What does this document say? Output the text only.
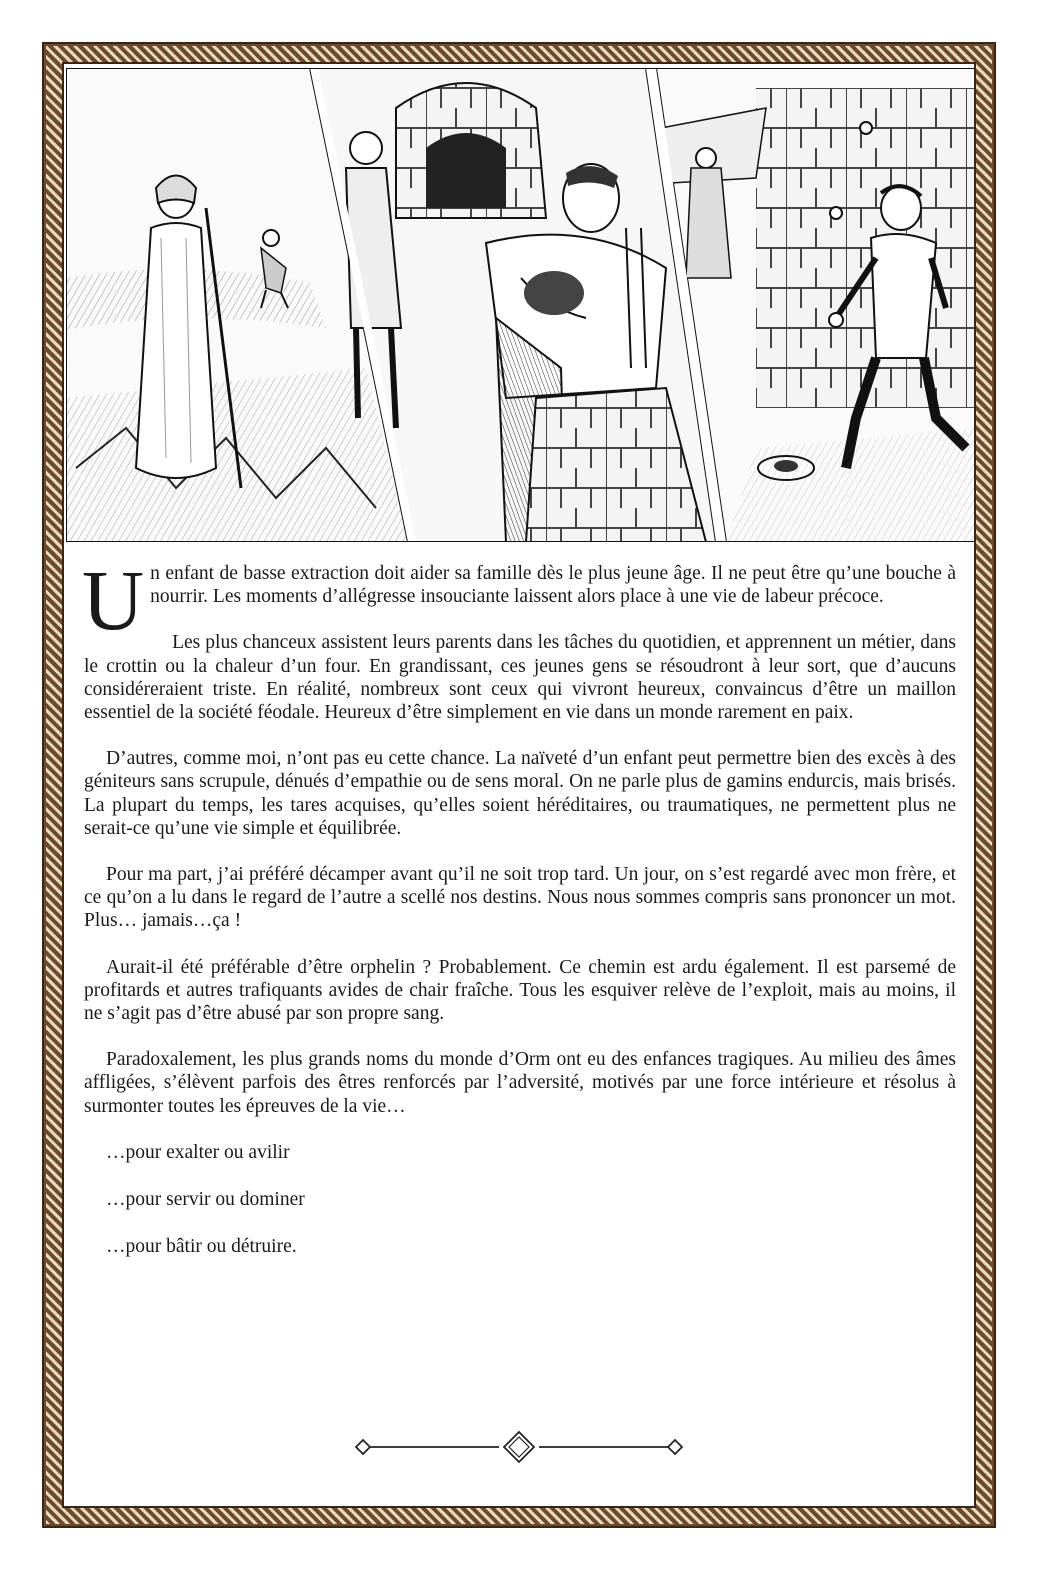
Un enfant de basse extraction doit aider sa famille dès le plus jeune âge. Il ne peut être qu’une bouche à nourrir. Les moments d’allégresse insouciante laissent alors place à une vie de labeur précoce.

Les plus chanceux assistent leurs parents dans les tâches du quotidien, et apprennent un métier, dans le crottin ou la chaleur d’un four. En grandissant, ces jeunes gens se résoudront à leur sort, que d’aucuns considéreraient triste. En réalité, nombreux sont ceux qui vivront heureux, convaincus d’être un maillon essentiel de la société féodale. Heureux d’être simplement en vie dans un monde rarement en paix.

D’autres, comme moi, n’ont pas eu cette chance. La naïveté d’un enfant peut permettre bien des excès à des géniteurs sans scrupule, dénués d’empathie ou de sens moral. On ne parle plus de gamins endurcis, mais brisés. La plupart du temps, les tares acquises, qu’elles soient héréditaires, ou traumatiques, ne permettent plus ne serait-ce qu’une vie simple et équilibrée.

Pour ma part, j’ai préféré décamper avant qu’il ne soit trop tard. Un jour, on s’est regardé avec mon frère, et ce qu’on a lu dans le regard de l’autre a scellé nos destins. Nous nous sommes compris sans prononcer un mot. Plus… jamais…ça !

Aurait-il été préférable d’être orphelin ? Probablement. Ce chemin est ardu également. Il est parsemé de profitards et autres trafiquants avides de chair fraîche. Tous les esquiver relève de l’exploit, mais au moins, il ne s’agit pas d’être abusé par son propre sang.

Paradoxalement, les plus grands noms du monde d’Orm ont eu des enfances tragiques. Au milieu des âmes affligées, s’élèvent parfois des êtres renforcés par l’adversité, motivés par une force intérieure et résolus à surmonter toutes les épreuves de la vie…

…pour exalter ou avilir

…pour servir ou dominer

…pour bâtir ou détruire.
